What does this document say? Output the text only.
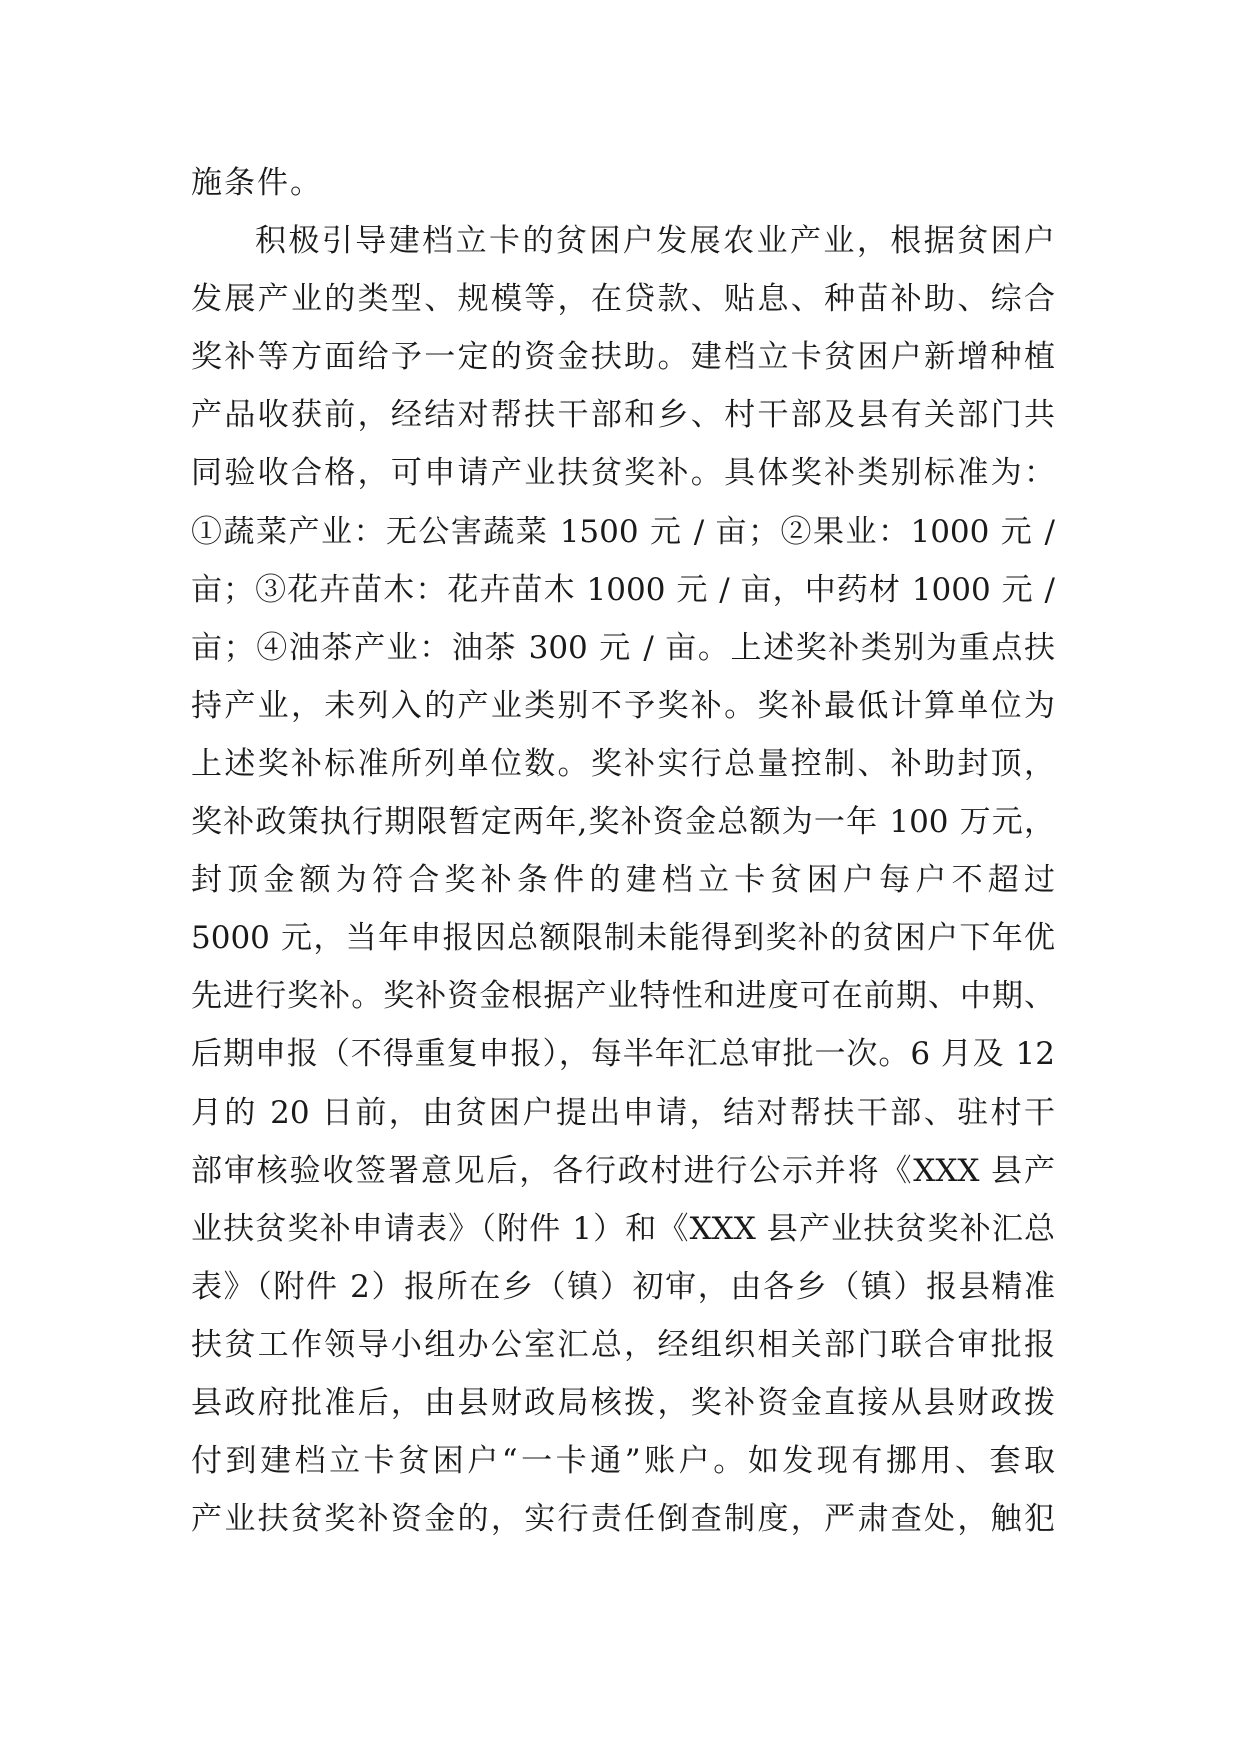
施条件。
积极引导建档立卡的贫困户发展农业产业，根据贫困户
发展产业的类型、规模等，在贷款、贴息、种苗补助、综合
奖补等方面给予一定的资金扶助。建档立卡贫困户新增种植
产品收获前，经结对帮扶干部和乡、村干部及县有关部门共
同验收合格，可申请产业扶贫奖补。具体奖补类别标准为：
①蔬菜产业：无公害蔬菜 1500 元 / 亩；②果业：1000 元 /
亩；③花卉苗木：花卉苗木 1000 元 / 亩，中药材 1000 元 /
亩；④油茶产业：油茶 300 元 / 亩。上述奖补类别为重点扶
持产业，未列入的产业类别不予奖补。奖补最低计算单位为
上述奖补标准所列单位数。奖补实行总量控制、补助封顶，
奖补政策执行期限暂定两年,奖补资金总额为一年 100 万元，
封顶金额为符合奖补条件的建档立卡贫困户每户不超过
5000 元，当年申报因总额限制未能得到奖补的贫困户下年优
先进行奖补。奖补资金根据产业特性和进度可在前期、中期、
后期申报（不得重复申报），每半年汇总审批一次。6 月及 12
月的 20 日前，由贫困户提出申请，结对帮扶干部、驻村干
部审核验收签署意见后，各行政村进行公示并将《XXX 县产
业扶贫奖补申请表》（附件 1）和《XXX 县产业扶贫奖补汇总
表》（附件 2）报所在乡（镇）初审，由各乡（镇）报县精准
扶贫工作领导小组办公室汇总，经组织相关部门联合审批报
县政府批准后，由县财政局核拨，奖补资金直接从县财政拨
付到建档立卡贫困户“一卡通”账户。如发现有挪用、套取
产业扶贫奖补资金的，实行责任倒查制度，严肃查处，触犯
